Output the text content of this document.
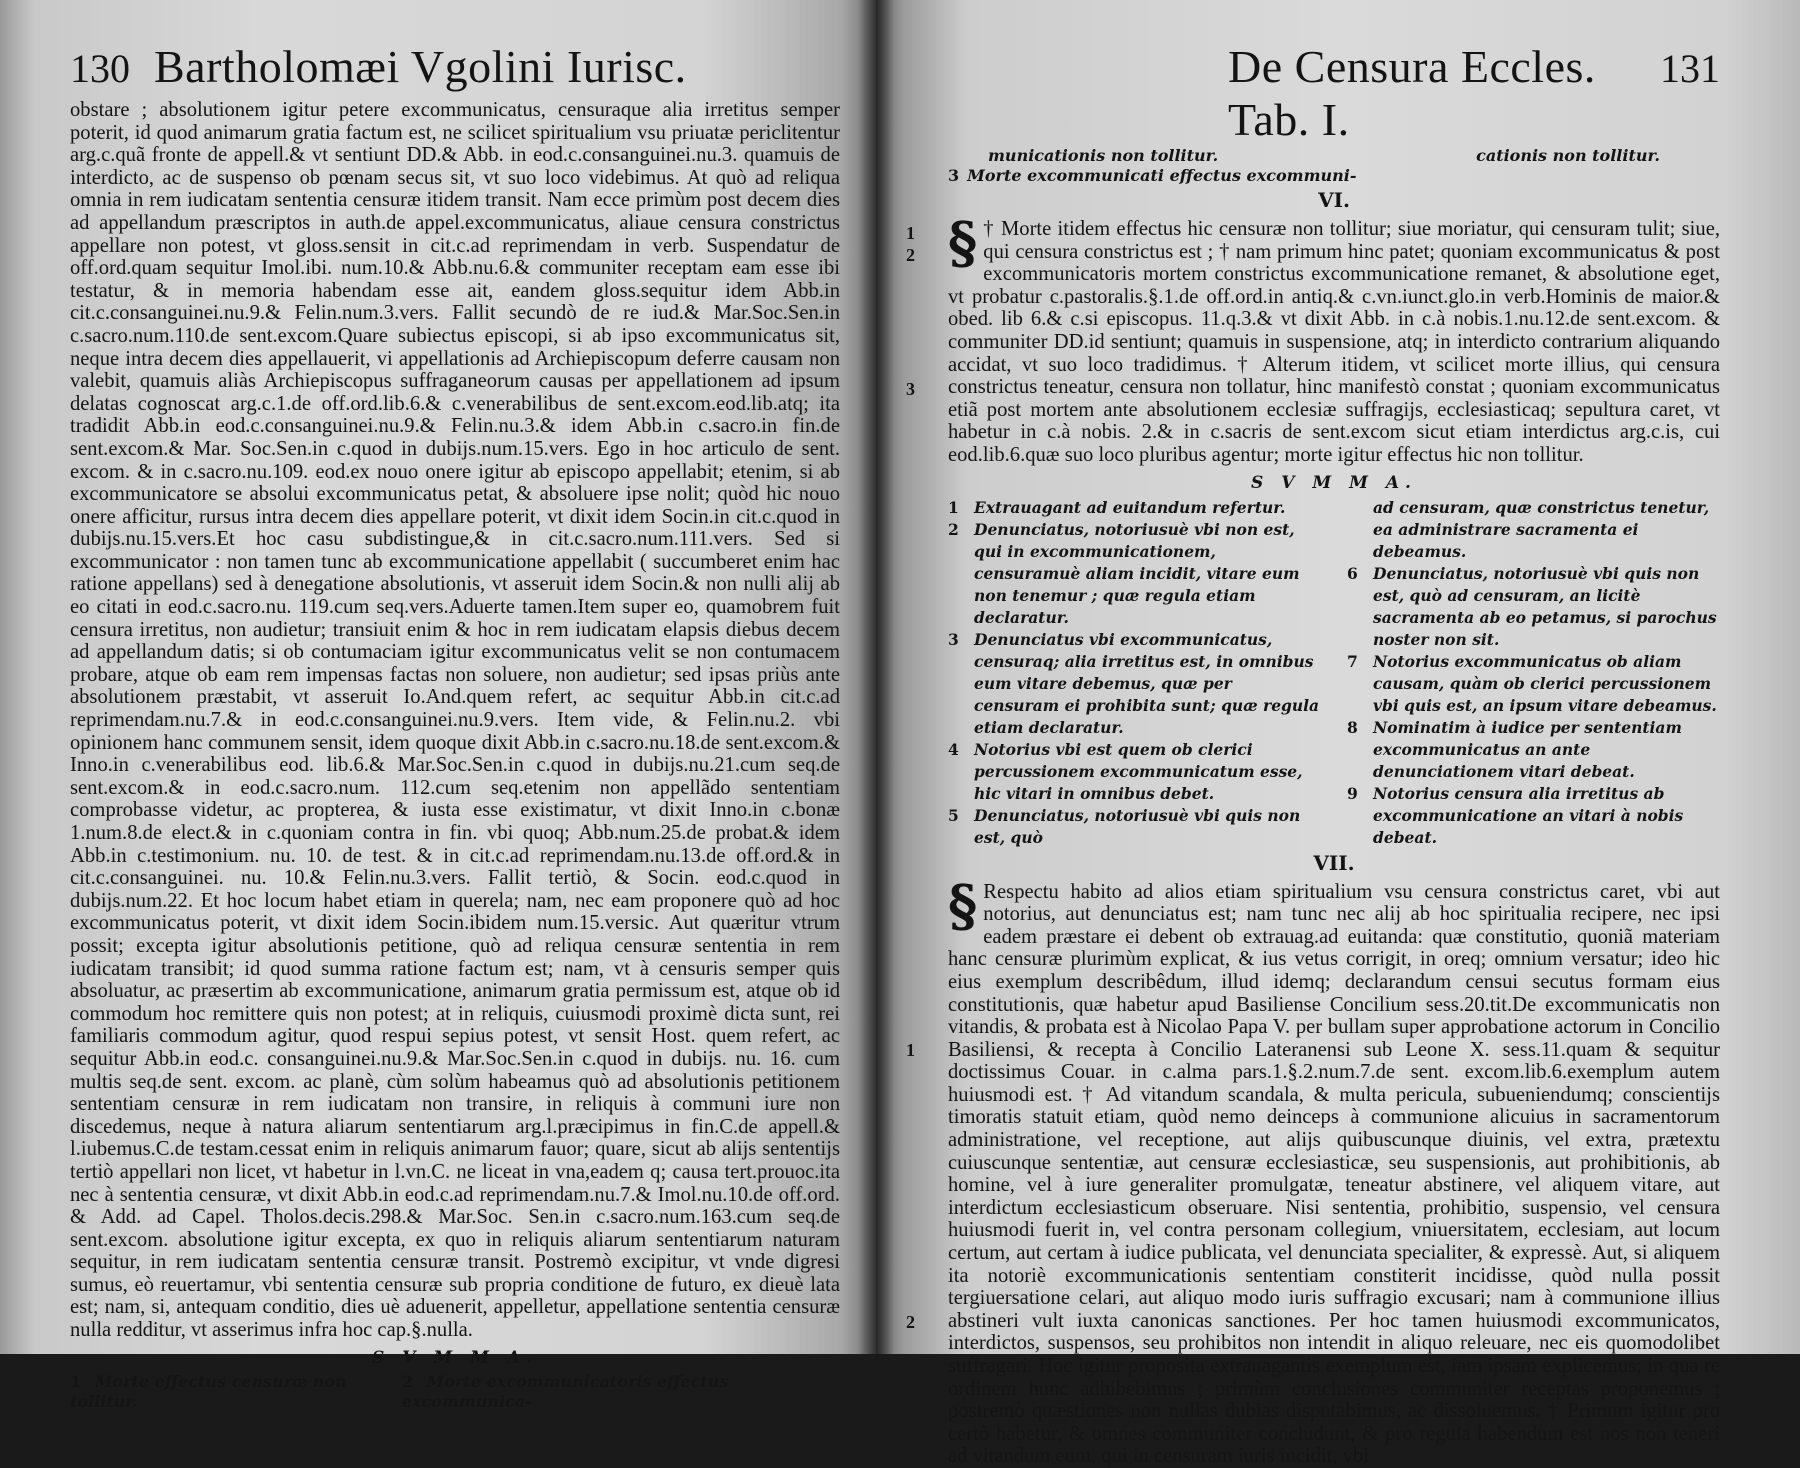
130 Bartholomæi Vgolini Iurisc.
obstare ; absolutionem igitur petere excommunicatus, censuraque alia irretitus semper poterit, id quod animarum gratia factum est, ne scilicet spiritualium vsu priuatæ periclitentur arg.c.quã fronte de appell.& vt sentiunt DD.& Abb. in eod.c.consanguinei.nu.3. quamuis de interdicto, ac de suspenso ob pœnam secus sit, vt suo loco videbimus. At quò ad reliqua omnia in rem iudicatam sententia censuræ itidem transit. Nam ecce primùm post decem dies ad appellandum præscriptos in auth.de appel.excommunicatus, aliaue censura constrictus appellare non potest, vt gloss.sensit in cit.c.ad reprimendam in verb. Suspendatur de off.ord.quam sequitur Imol.ibi. num.10.& Abb.nu.6.& communiter receptam eam esse ibi testatur, & in memoria habendam esse ait, eandem gloss.sequitur idem Abb.in cit.c.consanguinei.nu.9.& Felin.num.3.vers. Fallit secundò de re iud.& Mar.Soc.Sen.in c.sacro.num.110.de sent.excom.Quare subiectus episcopi, si ab ipso excommunicatus sit, neque intra decem dies appellauerit, vi appellationis ad Archiepiscopum deferre causam non valebit, quamuis aliàs Archiepiscopus suffraganeorum causas per appellationem ad ipsum delatas cognoscat arg.c.1.de off.ord.lib.6.& c.venerabilibus de sent.excom.eod.lib.atq; ita tradidit Abb.in eod.c.consanguinei.nu.9.& Felin.nu.3.& idem Abb.in c.sacro.in fin.de sent.excom.& Mar. Soc.Sen.in c.quod in dubijs.num.15.vers. Ego in hoc articulo de sent. excom. & in c.sacro.nu.109. eod.ex nouo onere igitur ab episcopo appellabit; etenim, si ab excommunicatore se absolui excommunicatus petat, & absoluere ipse nolit; quòd hic nouo onere afficitur, rursus intra decem dies appellare poterit, vt dixit idem Socin.in cit.c.quod in dubijs.nu.15.vers.Et hoc casu subdistingue,& in cit.c.sacro.num.111.vers. Sed si excommunicator : non tamen tunc ab excommunicatione appellabit ( succumberet enim hac ratione appellans) sed à denegatione absolutionis, vt asseruit idem Socin.& non nulli alij ab eo citati in eod.c.sacro.nu. 119.cum seq.vers.Aduerte tamen.Item super eo, quamobrem fuit censura irretitus, non audietur; transiuit enim & hoc in rem iudicatam elapsis diebus decem ad appellandum datis; si ob contumaciam igitur excommunicatus velit se non contumacem probare, atque ob eam rem impensas factas non soluere, non audietur; sed ipsas priùs ante absolutionem præstabit, vt asseruit Io.And.quem refert, ac sequitur Abb.in cit.c.ad reprimendam.nu.7.& in eod.c.consanguinei.nu.9.vers. Item vide, & Felin.nu.2. vbi opinionem hanc communem sensit, idem quoque dixit Abb.in c.sacro.nu.18.de sent.excom.& Inno.in c.venerabilibus eod. lib.6.& Mar.Soc.Sen.in c.quod in dubijs.nu.21.cum seq.de sent.excom.& in eod.c.sacro.num. 112.cum seq.etenim non appellãdo sententiam comprobasse videtur, ac propterea, & iusta esse existimatur, vt dixit Inno.in c.bonæ 1.num.8.de elect.& in c.quoniam contra in fin. vbi quoq; Abb.num.25.de probat.& idem Abb.in c.testimonium. nu. 10. de test. & in cit.c.ad reprimendam.nu.13.de off.ord.& in cit.c.consanguinei. nu. 10.& Felin.nu.3.vers. Fallit tertiò, & Socin. eod.c.quod in dubijs.num.22. Et hoc locum habet etiam in querela; nam, nec eam proponere quò ad hoc excommunicatus poterit, vt dixit idem Socin.ibidem num.15.versic. Aut quæritur vtrum possit; excepta igitur absolutionis petitione, quò ad reliqua censuræ sententia in rem iudicatam transibit; id quod summa ratione factum est; nam, vt à censuris semper quis absoluatur, ac præsertim ab excommunicatione, animarum gratia permissum est, atque ob id commodum hoc remittere quis non potest; at in reliquis, cuiusmodi proximè dicta sunt, rei familiaris commodum agitur, quod respui sepius potest, vt sensit Host. quem refert, ac sequitur Abb.in eod.c. consanguinei.nu.9.& Mar.Soc.Sen.in c.quod in dubijs. nu. 16. cum multis seq.de sent. excom. ac planè, cùm solùm habeamus quò ad absolutionis petitionem sententiam censuræ in rem iudicatam non transire, in reliquis à communi iure non discedemus, neque à natura aliarum sententiarum arg.l.præcipimus in fin.C.de appell.& l.iubemus.C.de testam.cessat enim in reliquis animarum fauor; quare, sicut ab alijs sententijs tertiò appellari non licet, vt habetur in l.vn.C. ne liceat in vna,eadem q; causa tert.prouoc.ita nec à sententia censuræ, vt dixit Abb.in eod.c.ad reprimendam.nu.7.& Imol.nu.10.de off.ord. & Add. ad Capel. Tholos.decis.298.& Mar.Soc. Sen.in c.sacro.num.163.cum seq.de sent.excom. absolutione igitur excepta, ex quo in reliquis aliarum sententiarum naturam sequitur, in rem iudicatam sententia censuræ transit. Postremò excipitur, vt vnde digresi sumus, eò reuertamur, vbi sententia censuræ sub propria conditione de futuro, ex dieuè lata est; nam, si, antequam conditio, dies uè aduenerit, appelletur, appellatione sententia censuræ nulla redditur, vt asserimus infra hoc cap.§.nulla.
S V M M A.
1 Morte effectus censuræ non tollitur.
2 Morte excommunicatoris effectus excommunica-
De Censura Eccles. Tab. I.
131
municationis non tollitur.	cationis non tollitur.
3 Morte excommunicati effectus excommuni-
VI.
1
2
3
§ † Morte itidem effectus hic censuræ non tollitur; siue moriatur, qui censuram tulit; siue, qui censura constrictus est ; † nam primum hinc patet; quoniam excommunicatus & post excommunicatoris mortem constrictus excommunicatione remanet, & absolutione eget, vt probatur c.pastoralis.§.1.de off.ord.in antiq.& c.vn.iunct.glo.in verb.Hominis de maior.& obed. lib 6.& c.si episcopus. 11.q.3.& vt dixit Abb. in c.à nobis.1.nu.12.de sent.excom. & communiter DD.id sentiunt; quamuis in suspensione, atq; in interdicto contrarium aliquando accidat, vt suo loco tradidimus. † Alterum itidem, vt scilicet morte illius, qui censura constrictus teneatur, censura non tollatur, hinc manifestò constat ; quoniam excommunicatus etiã post mortem ante absolutionem ecclesiæ suffragijs, ecclesiasticaq; sepultura caret, vt habetur in c.à nobis. 2.& in c.sacris de sent.excom sicut etiam interdictus arg.c.is, cui eod.lib.6.quæ suo loco pluribus agentur; morte igitur effectus hic non tollitur.
S V M M A.
1 Extrauagant ad euitandum refertur.
2 Denunciatus, notoriusuè vbi non est, qui in excommunicationem, censuramuè aliam incidit, vitare eum non tenemur ; quæ regula etiam declaratur.
3 Denunciatus vbi excommunicatus, censuraq; alia irretitus est, in omnibus eum vitare debemus, quæ per censuram ei prohibita sunt; quæ regula etiam declaratur.
4 Notorius vbi est quem ob clerici percussionem excommunicatum esse, hic vitari in omnibus debet.
5 Denunciatus, notoriusuè vbi quis non est, quò
ad censuram, quæ constrictus tenetur, ea administrare sacramenta ei debeamus.
6 Denunciatus, notoriusuè vbi quis non est, quò ad censuram, an licitè sacramenta ab eo petamus, si parochus noster non sit.
7 Notorius excommunicatus ob aliam causam, quàm ob clerici percussionem vbi quis est, an ipsum vitare debeamus.
8 Nominatim à iudice per sententiam excommunicatus an ante denunciationem vitari debeat.
9 Notorius censura alia irretitus ab excommunicatione an vitari à nobis debeat.
VII.
1
2
§ Respectu habito ad alios etiam spiritualium vsu censura constrictus caret, vbi aut notorius, aut denunciatus est; nam tunc nec alij ab hoc spiritualia recipere, nec ipsi eadem præstare ei debent ob extrauag.ad euitanda: quæ constitutio, quoniã materiam hanc censuræ plurimùm explicat, & ius vetus corrigit, in oreq; omnium versatur; ideo hic eius exemplum describêdum, illud idemq; declarandum censui secutus formam eius constitutionis, quæ habetur apud Basiliense Concilium sess.20.tit.De excommunicatis non vitandis, & probata est à Nicolao Papa V. per bullam super approbatione actorum in Concilio Basiliensi, & recepta à Concilio Lateranensi sub Leone X. sess.11.quam & sequitur doctissimus Couar. in c.alma pars.1.§.2.num.7.de sent. excom.lib.6.exemplum autem huiusmodi est. † Ad vitandum scandala, & multa pericula, subueniendumq; conscientijs timoratis statuit etiam, quòd nemo deinceps à communione alicuius in sacramentorum administratione, vel receptione, aut alijs quibuscunque diuinis, vel extra, prætextu cuiuscunque sententiæ, aut censuræ ecclesiasticæ, seu suspensionis, aut prohibitionis, ab homine, vel à iure generaliter promulgatæ, teneatur abstinere, vel aliquem vitare, aut interdictum ecclesiasticum obseruare. Nisi sententia, prohibitio, suspensio, vel censura huiusmodi fuerit in, vel contra personam collegium, vniuersitatem, ecclesiam, aut locum certum, aut certam à iudice publicata, vel denunciata specialiter, & expressè. Aut, si aliquem ita notoriè excommunicationis sententiam constiterit incidisse, quòd nulla possit tergiuersatione celari, aut aliquo modo iuris suffragio excusari; nam à communione illius abstineri vult iuxta canonicas sanctiones. Per hoc tamen huiusmodi excommunicatos, interdictos, suspensos, seu prohibitos non intendit in aliquo releuare, nec eis quomodolibet suffragari. Hoc igitur proposita extrauagantis exemplum est, iam ipsam explicemus; in qua re ordinem hunc adhibebimus ; primùm conclusiones communiter receptas proponemus ; postremò quæstiones non nullas dubias disputabimus, ac dissoluemus. † Primum igitur pro certò habetur, & omnes communiter concludunt, & pro regula habendum est nos non teneri ad vitandum eum, qui in censuram iuris incidit, vbi
